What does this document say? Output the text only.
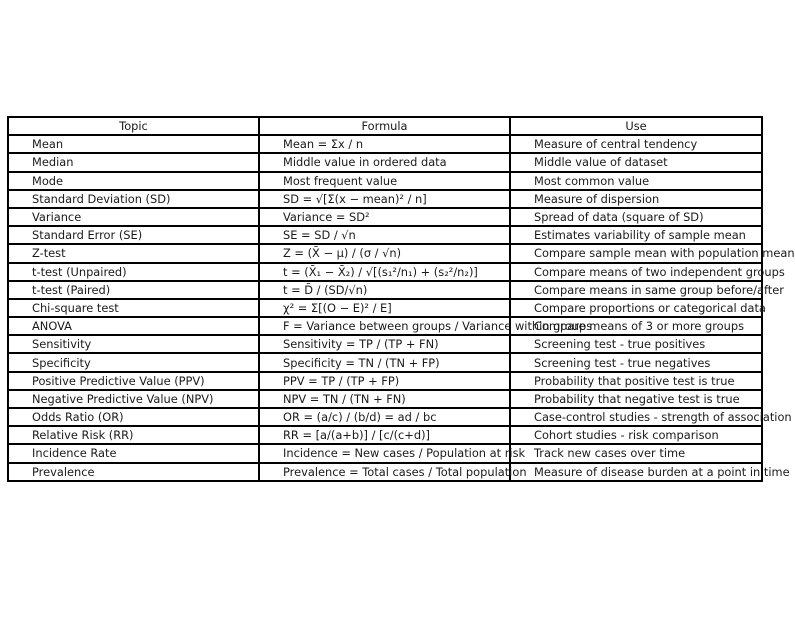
Topic	Formula	Use
Mean	Mean = Σx / n	Measure of central tendency
Median	Middle value in ordered data	Middle value of dataset
Mode	Most frequent value	Most common value
Standard Deviation (SD)	SD = √[Σ(x − mean)² / n]	Measure of dispersion
Variance	Variance = SD²	Spread of data (square of SD)
Standard Error (SE)	SE = SD / √n	Estimates variability of sample mean
Z-test	Z = (X̄ − μ) / (σ / √n)	Compare sample mean with population mean
t-test (Unpaired)	t = (X̄₁ − X̄₂) / √[(s₁²/n₁) + (s₂²/n₂)]	Compare means of two independent groups
t-test (Paired)	t = D̄ / (SD/√n)	Compare means in same group before/after
Chi-square test	χ² = Σ[(O − E)² / E]	Compare proportions or categorical data
ANOVA	F = Variance between groups / Variance within groups	Compare means of 3 or more groups
Sensitivity	Sensitivity = TP / (TP + FN)	Screening test - true positives
Specificity	Specificity = TN / (TN + FP)	Screening test - true negatives
Positive Predictive Value (PPV)	PPV = TP / (TP + FP)	Probability that positive test is true
Negative Predictive Value (NPV)	NPV = TN / (TN + FN)	Probability that negative test is true
Odds Ratio (OR)	OR = (a/c) / (b/d) = ad / bc	Case-control studies - strength of association
Relative Risk (RR)	RR = [a/(a+b)] / [c/(c+d)]	Cohort studies - risk comparison
Incidence Rate	Incidence = New cases / Population at risk	Track new cases over time
Prevalence	Prevalence = Total cases / Total population	Measure of disease burden at a point in time
